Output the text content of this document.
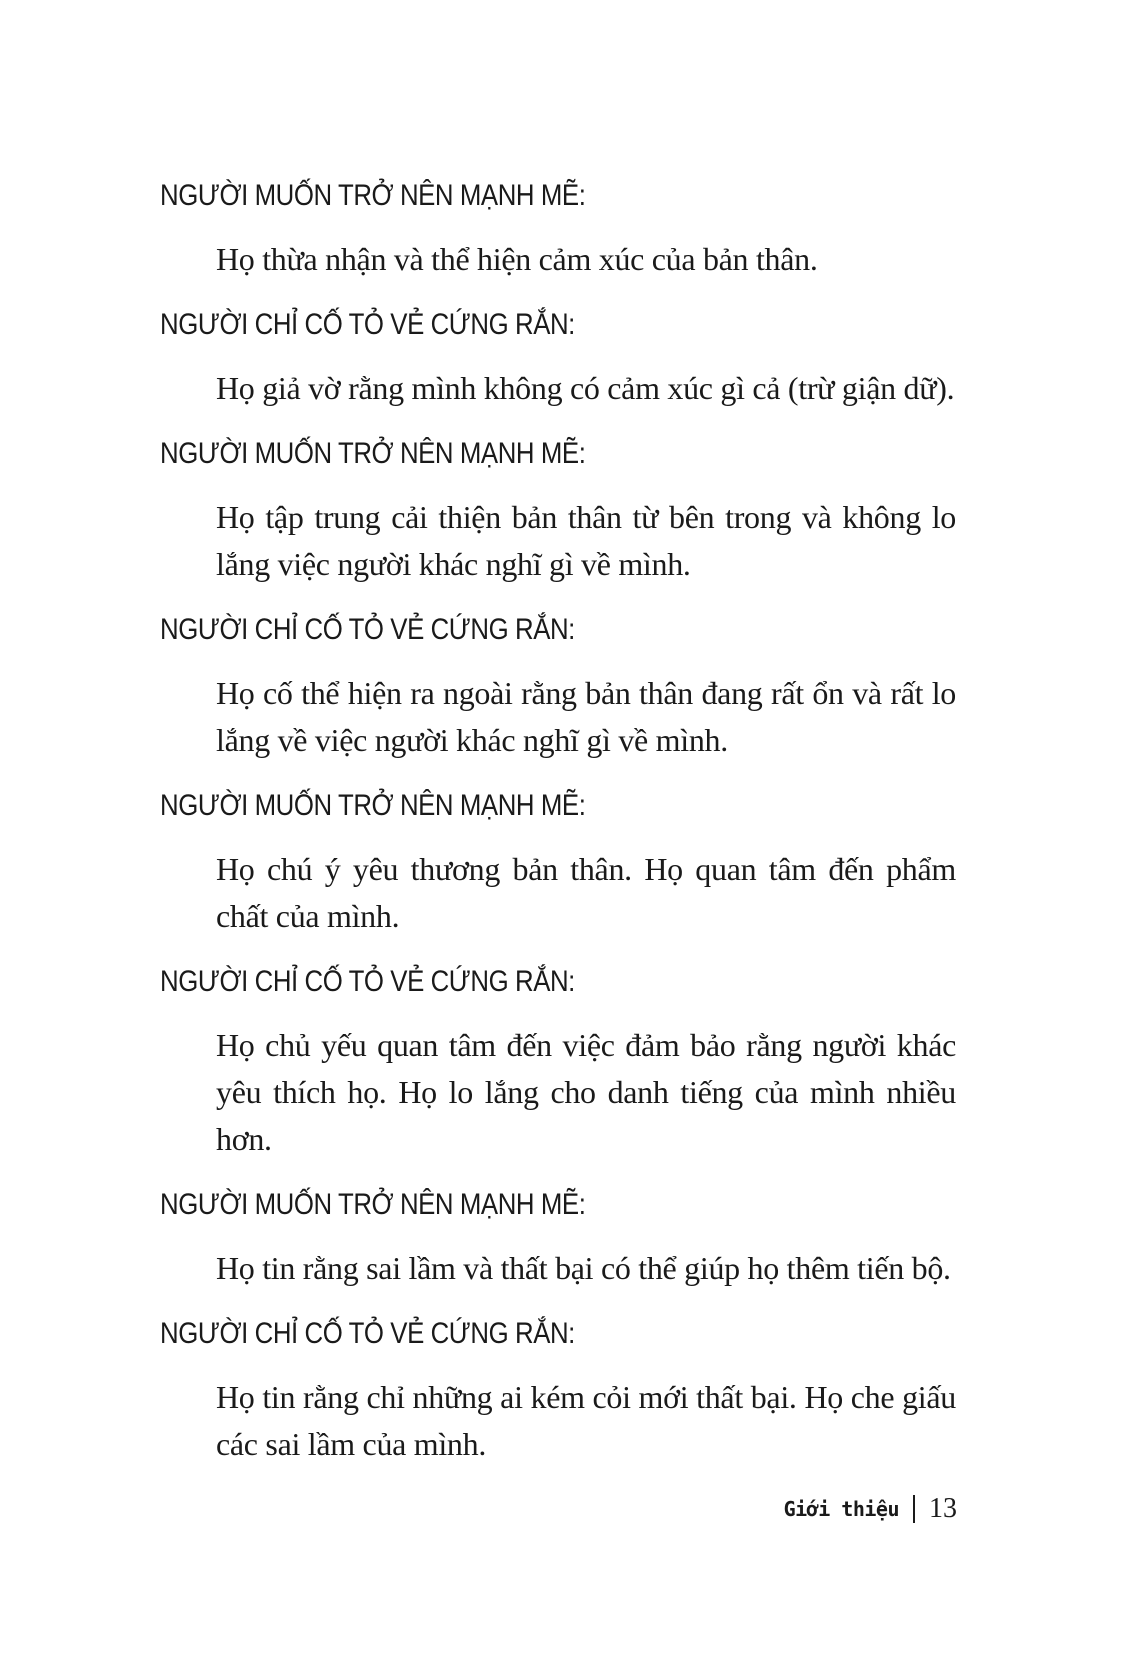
NGƯỜI MUỐN TRỞ NÊN MẠNH MẼ:

Họ thừa nhận và thể hiện cảm xúc của bản thân.

NGƯỜI CHỈ CỐ TỎ VẺ CỨNG RẮN:

Họ giả vờ rằng mình không có cảm xúc gì cả (trừ giận dữ).

NGƯỜI MUỐN TRỞ NÊN MẠNH MẼ:

Họ tập trung cải thiện bản thân từ bên trong và không lo lắng việc người khác nghĩ gì về mình.

NGƯỜI CHỈ CỐ TỎ VẺ CỨNG RẮN:

Họ cố thể hiện ra ngoài rằng bản thân đang rất ổn và rất lo lắng về việc người khác nghĩ gì về mình.

NGƯỜI MUỐN TRỞ NÊN MẠNH MẼ:

Họ chú ý yêu thương bản thân. Họ quan tâm đến phẩm chất của mình.

NGƯỜI CHỈ CỐ TỎ VẺ CỨNG RẮN:

Họ chủ yếu quan tâm đến việc đảm bảo rằng người khác yêu thích họ. Họ lo lắng cho danh tiếng của mình nhiều hơn.

NGƯỜI MUỐN TRỞ NÊN MẠNH MẼ:

Họ tin rằng sai lầm và thất bại có thể giúp họ thêm tiến bộ.

NGƯỜI CHỈ CỐ TỎ VẺ CỨNG RẮN:

Họ tin rằng chỉ những ai kém cỏi mới thất bại. Họ che giấu các sai lầm của mình.

Giới thiệu 13
